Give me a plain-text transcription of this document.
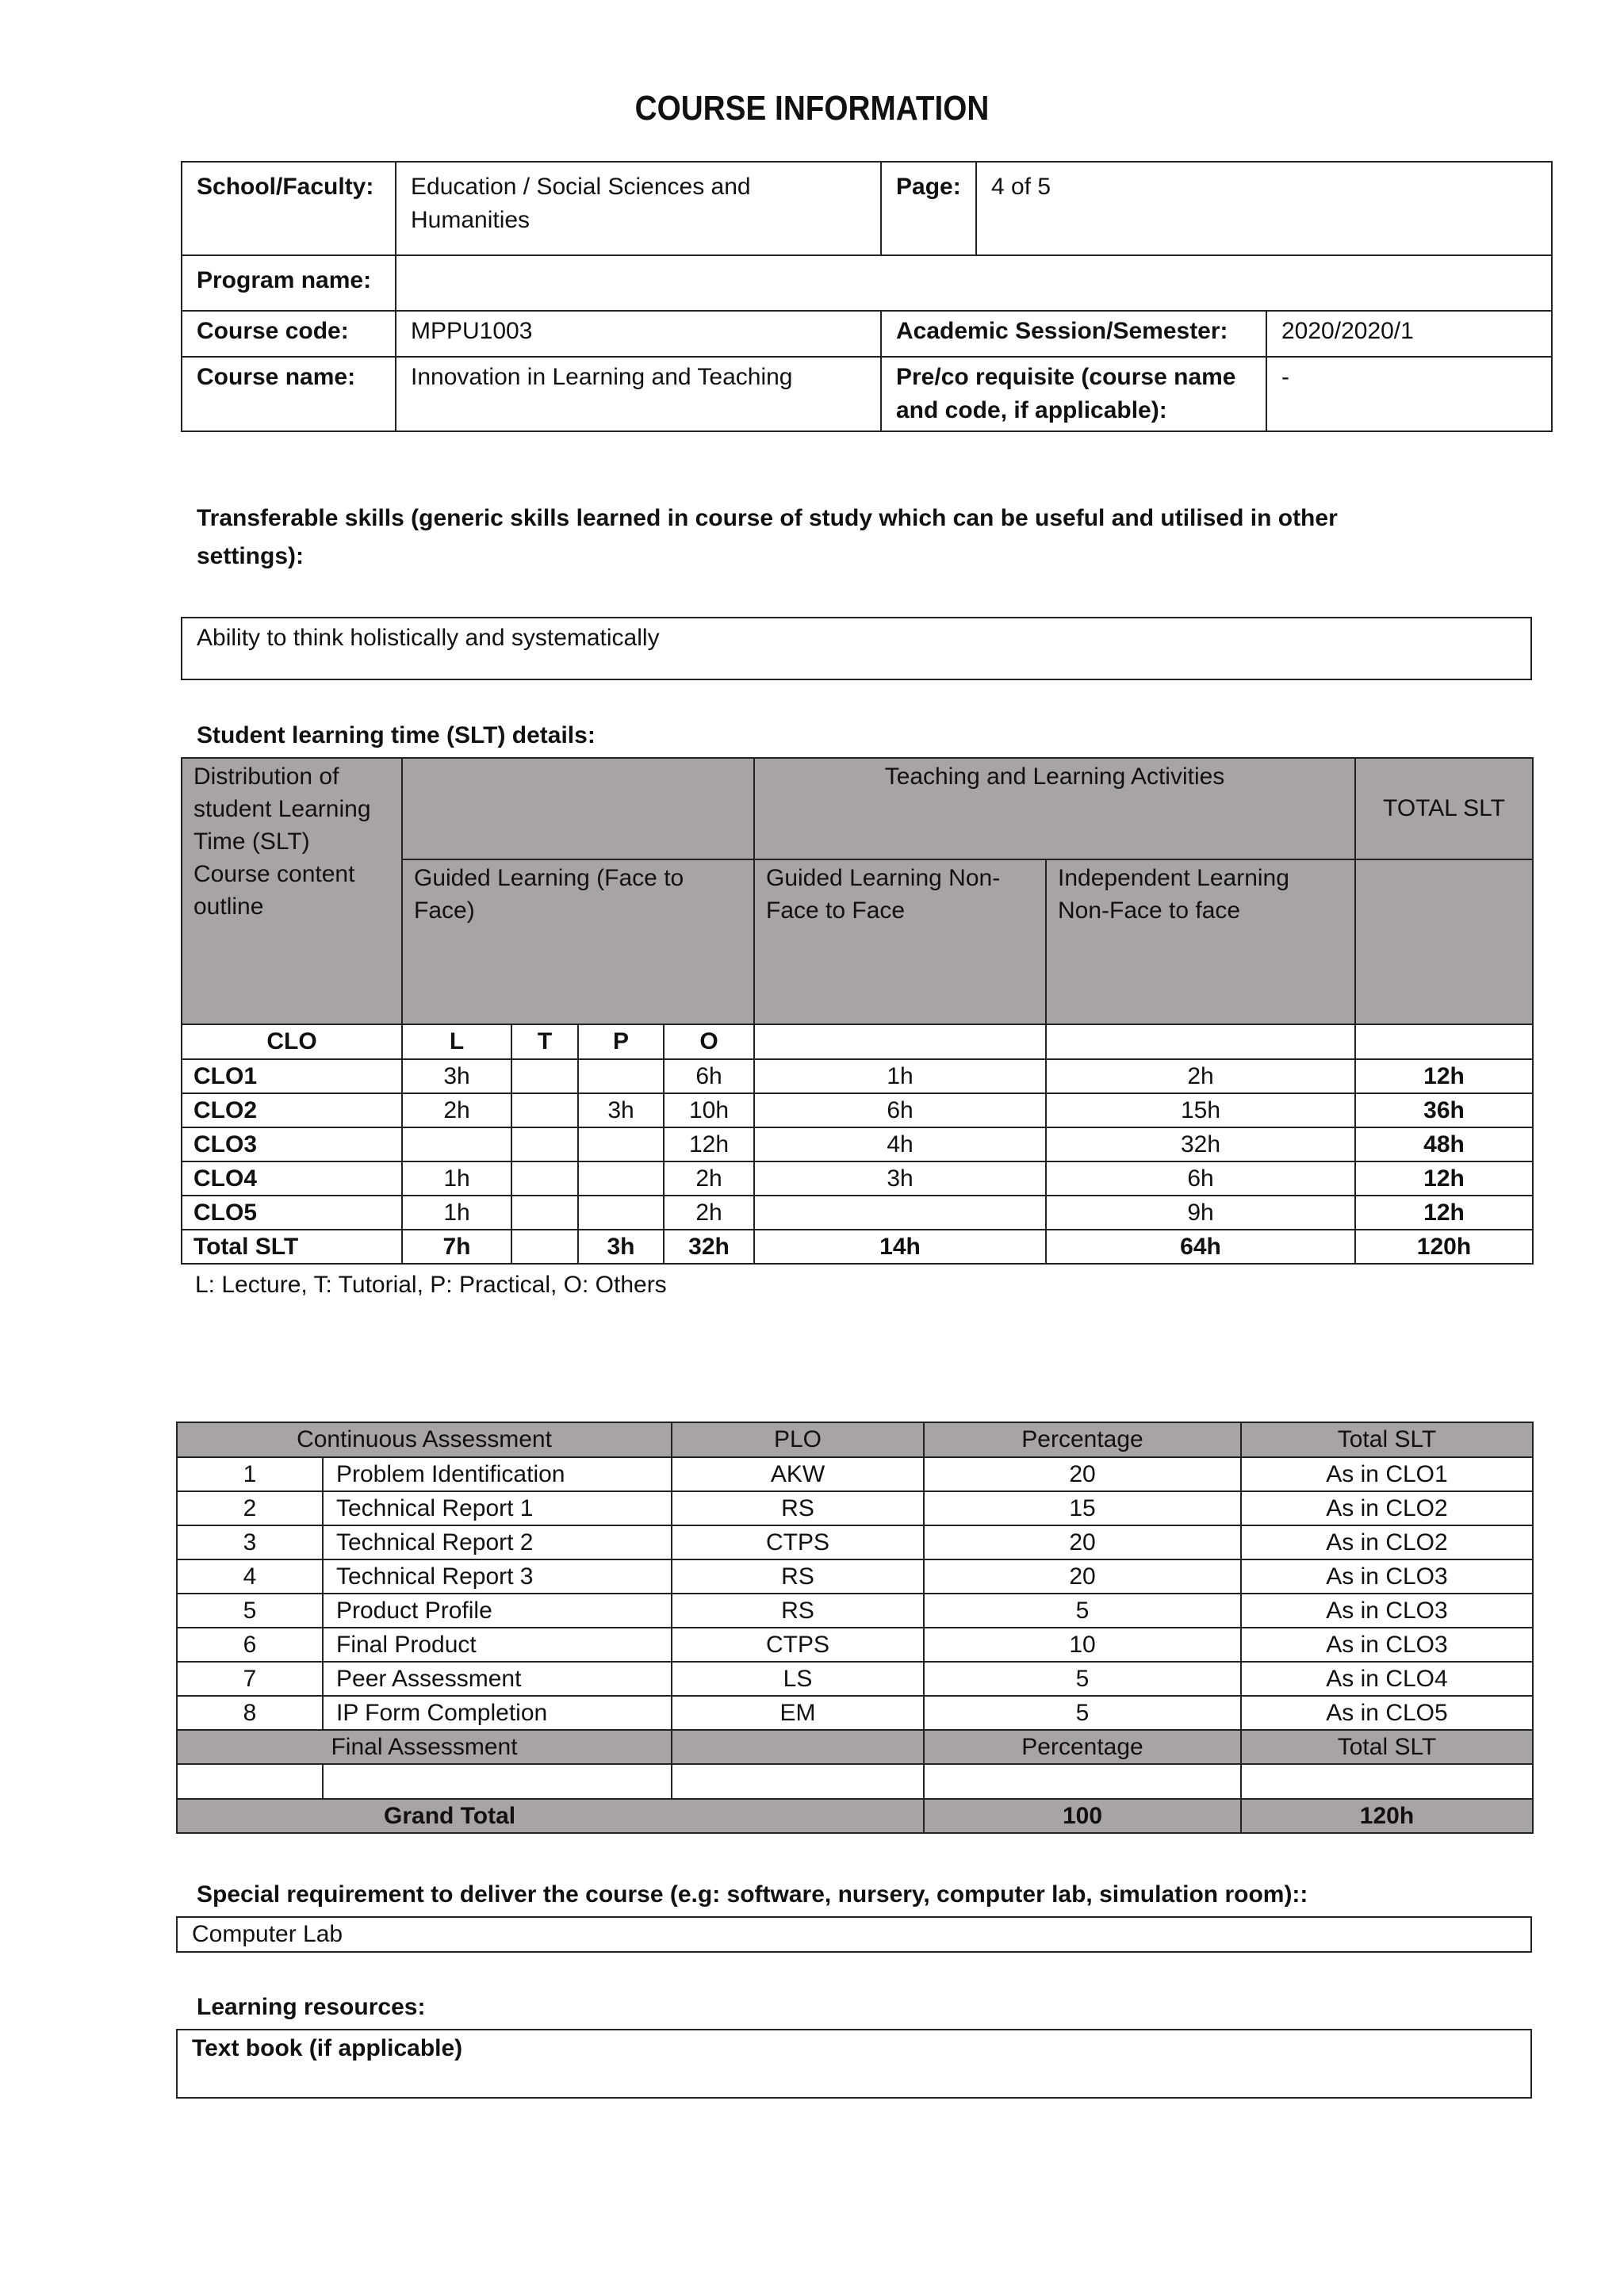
COURSE INFORMATION
School/Faculty:	Education / Social Sciences and Humanities	Page:	4 of 5	
Program name:				
Course code:	MPPU1003	Academic Session/Semester:		2020/2020/1
Course name:	Innovation in Learning and Teaching	Pre/co requisite (course name and code, if applicable):		-
Transferable skills (generic skills learned in course of study which can be useful and utilised in other settings):
Ability to think holistically and systematically
Student learning time (SLT) details:
Distribution of student Learning Time (SLT) Course content outline					Teaching and Learning Activities		TOTAL SLT
	Guided Learning (Face to Face)				Guided Learning Non-Face to Face	Independent Learning Non-Face to face	
CLO	L	T	P	O			
CLO1	3h			6h	1h	2h	12h
CLO2	2h		3h	10h	6h	15h	36h
CLO3				12h	4h	32h	48h
CLO4	1h			2h	3h	6h	12h
CLO5	1h			2h		9h	12h
Total SLT	7h		3h	32h	14h	64h	120h
L: Lecture, T: Tutorial, P: Practical, O: Others
Continuous Assessment		PLO	Percentage	Total SLT
1	Problem Identification	AKW	20	As in CLO1
2	Technical Report 1	RS	15	As in CLO2
3	Technical Report 2	CTPS	20	As in CLO2
4	Technical Report 3	RS	20	As in CLO3
5	Product Profile	RS	5	As in CLO3
6	Final Product	CTPS	10	As in CLO3
7	Peer Assessment	LS	5	As in CLO4
8	IP Form Completion	EM	5	As in CLO5
Final Assessment			Percentage	Total SLT

Grand Total			100	120h
Special requirement to deliver the course (e.g: software, nursery, computer lab, simulation room)::
Computer Lab
Learning resources:
Text book (if applicable)
